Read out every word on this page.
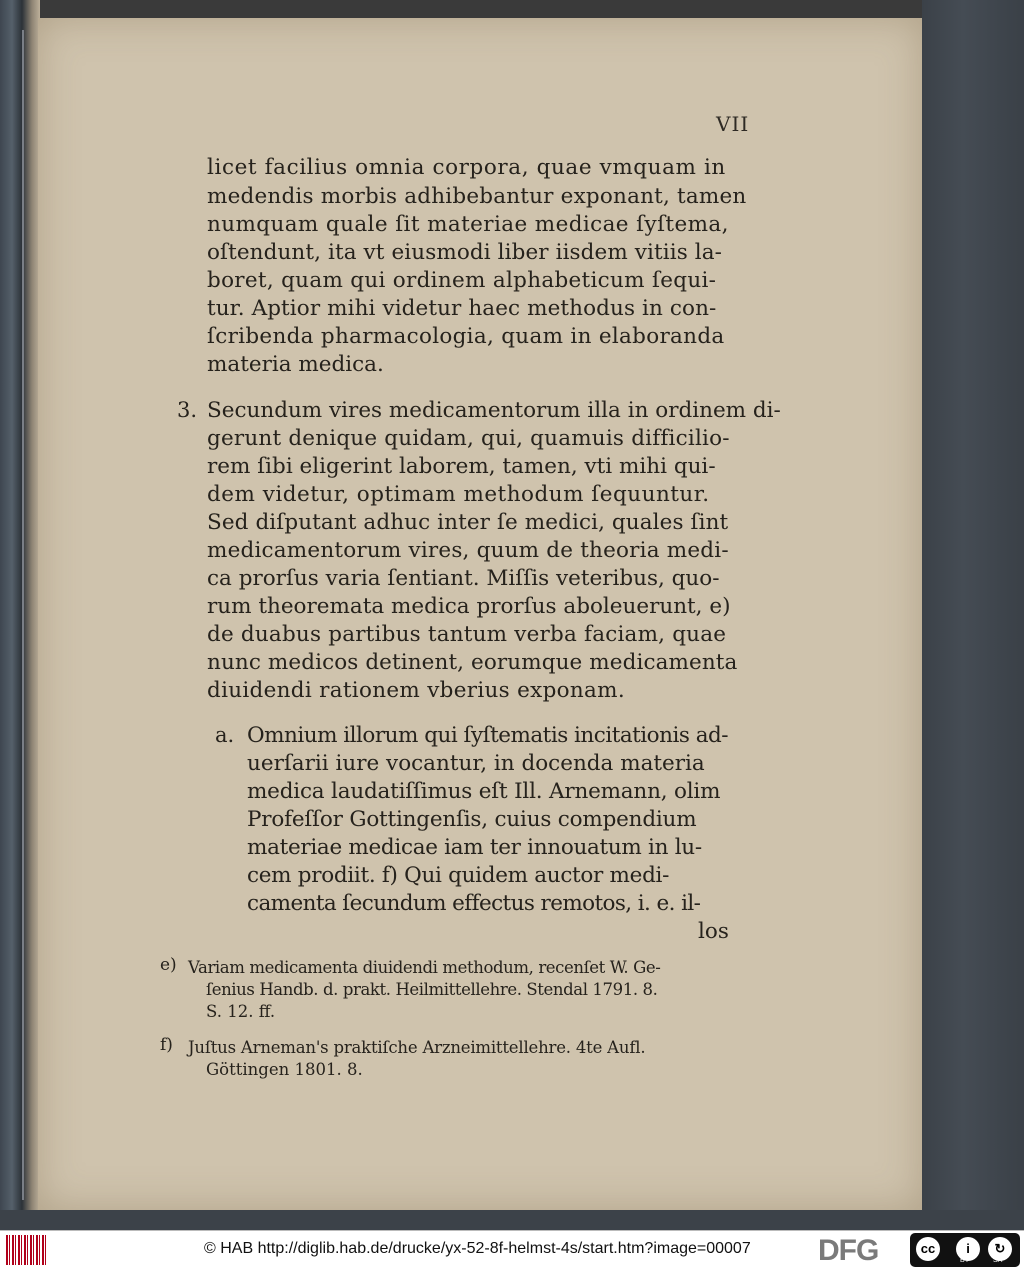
VII
licet facilius omnia corpora, quae vmquam in
medendis morbis adhibebantur exponant, tamen
numquam quale ſit materiae medicae ſyſtema,
oſtendunt, ita vt eiusmodi liber iisdem vitiis la-
boret, quam qui ordinem alphabeticum ſequi-
tur. Aptior mihi videtur haec methodus in con-
ſcribenda pharmacologia, quam in elaboranda
materia medica.
3. Secundum vires medicamentorum illa in ordinem di-
gerunt denique quidam, qui, quamuis difficilio-
rem ſibi eligerint laborem, tamen, vti mihi qui-
dem videtur, optimam methodum ſequuntur.
Sed diſputant adhuc inter ſe medici, quales ſint
medicamentorum vires, quum de theoria medi-
ca prorſus varia ſentiant. Miſſis veteribus, quo-
rum theoremata medica prorſus aboleuerunt, e)
de duabus partibus tantum verba faciam, quae
nunc medicos detinent, eorumque medicamenta
diuidendi rationem vberius exponam.
a. Omnium illorum qui ſyſtematis incitationis ad-
uerſarii iure vocantur, in docenda materia
medica laudatiſſimus eſt Ill. Arnemann, olim
Profeſſor Gottingenſis, cuius compendium
materiae medicae iam ter innouatum in lu-
cem prodiit. f) Qui quidem auctor medi-
camenta ſecundum effectus remotos, i. e. il-
los
e) Variam medicamenta diuidendi methodum, recenſet W. Ge-
ſenius Handb. d. prakt. Heilmittellehre. Stendal 1791. 8.
S. 12. ff.
f) Juſtus Arneman's praktiſche Arzneimittellehre. 4te Aufl.
Göttingen 1801. 8.
© HAB http://diglib.hab.de/drucke/yx-52-8f-helmst-4s/start.htm?image=00007 DFG	cc	i	↻
BY	SA
